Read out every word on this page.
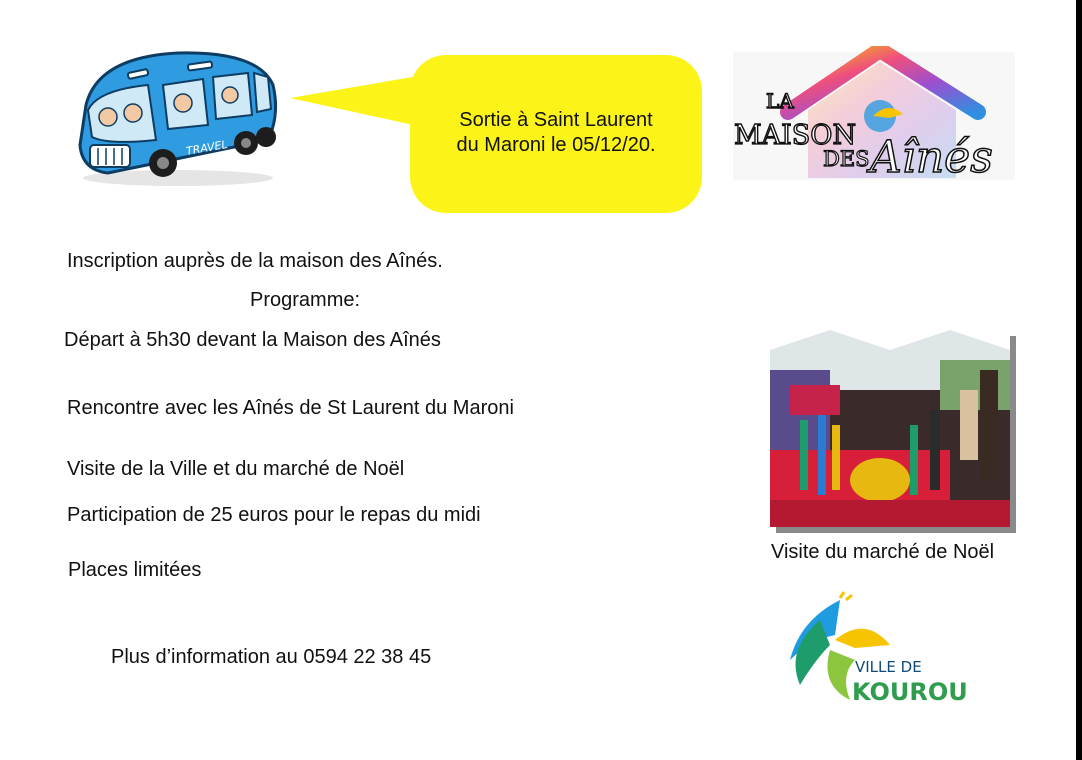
TRAVEL
Sortie à Saint Laurent
du Maroni le 05/12/20.
LA
MAISON
DES Aînés
Inscription auprès de la maison des Aînés.
Programme:
Départ à 5h30 devant la Maison des Aînés
Rencontre avec les Aînés de St Laurent du Maroni
Visite de la Ville et du marché de Noël
Participation de 25 euros pour le repas du midi
Places limitées
Plus d’information au 0594 22 38 45
Visite du marché de Noël
VILLE DE
KOUROU
